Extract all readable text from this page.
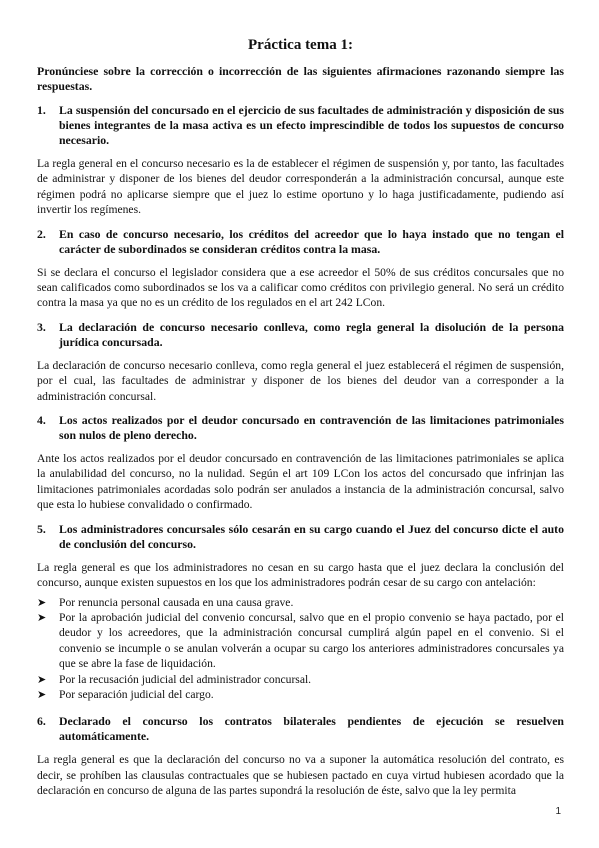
Práctica tema 1:
Pronúnciese sobre la corrección o incorrección de las siguientes afirmaciones razonando siempre las respuestas.
1.	La suspensión del concursado en el ejercicio de sus facultades de administración y disposición de sus bienes integrantes de la masa activa es un efecto imprescindible de todos los supuestos de concurso necesario.

La regla general en el concurso necesario es la de establecer el régimen de suspensión y, por tanto, las facultades de administrar y disponer de los bienes del deudor corresponderán a la administración concursal, aunque este régimen podrá no aplicarse siempre que el juez lo estime oportuno y lo haga justificadamente, pudiendo así invertir los regímenes.

2.	En caso de concurso necesario, los créditos del acreedor que lo haya instado que no tengan el carácter de subordinados se consideran créditos contra la masa.

Si se declara el concurso el legislador considera que a ese acreedor el 50% de sus créditos concursales que no sean calificados como subordinados se los va a calificar como créditos con privilegio general. No será un crédito contra la masa ya que no es un crédito de los regulados en el art 242 LCon.

3.	La declaración de concurso necesario conlleva, como regla general la disolución de la persona jurídica concursada.

La declaración de concurso necesario conlleva, como regla general el juez establecerá el régimen de suspensión, por el cual, las facultades de administrar y disponer de los bienes del deudor van a corresponder a la administración concursal.

4.	Los actos realizados por el deudor concursado en contravención de las limitaciones patrimoniales son nulos de pleno derecho.

Ante los actos realizados por el deudor concursado en contravención de las limitaciones patrimoniales se aplica la anulabilidad del concurso, no la nulidad. Según el art 109 LCon los actos del concursado que infrinjan las limitaciones patrimoniales acordadas solo podrán ser anulados a instancia de la administración concursal, salvo que esta lo hubiese convalidado o confirmado.

5.	Los administradores concursales sólo cesarán en su cargo cuando el Juez del concurso dicte el auto de conclusión del concurso.

La regla general es que los administradores no cesan en su cargo hasta que el juez declara la conclusión del concurso, aunque existen supuestos en los que los administradores podrán cesar de su cargo con antelación:

➤	Por renuncia personal causada en una causa grave.
➤	Por la aprobación judicial del convenio concursal, salvo que en el propio convenio se haya pactado, por el deudor y los acreedores, que la administración concursal cumplirá algún papel en el convenio. Si el convenio se incumple o se anulan volverán a ocupar su cargo los anteriores administradores concursales ya que se abre la fase de liquidación.
➤	Por la recusación judicial del administrador concursal.
➤	Por separación judicial del cargo.
6.	Declarado el concurso los contratos bilaterales pendientes de ejecución se resuelven automáticamente.

La regla general es que la declaración del concurso no va a suponer la automática resolución del contrato, es decir, se prohíben las clausulas contractuales que se hubiesen pactado en cuya virtud hubiesen acordado que la declaración en concurso de alguna de las partes supondrá la resolución de éste, salvo que la ley permita

1
